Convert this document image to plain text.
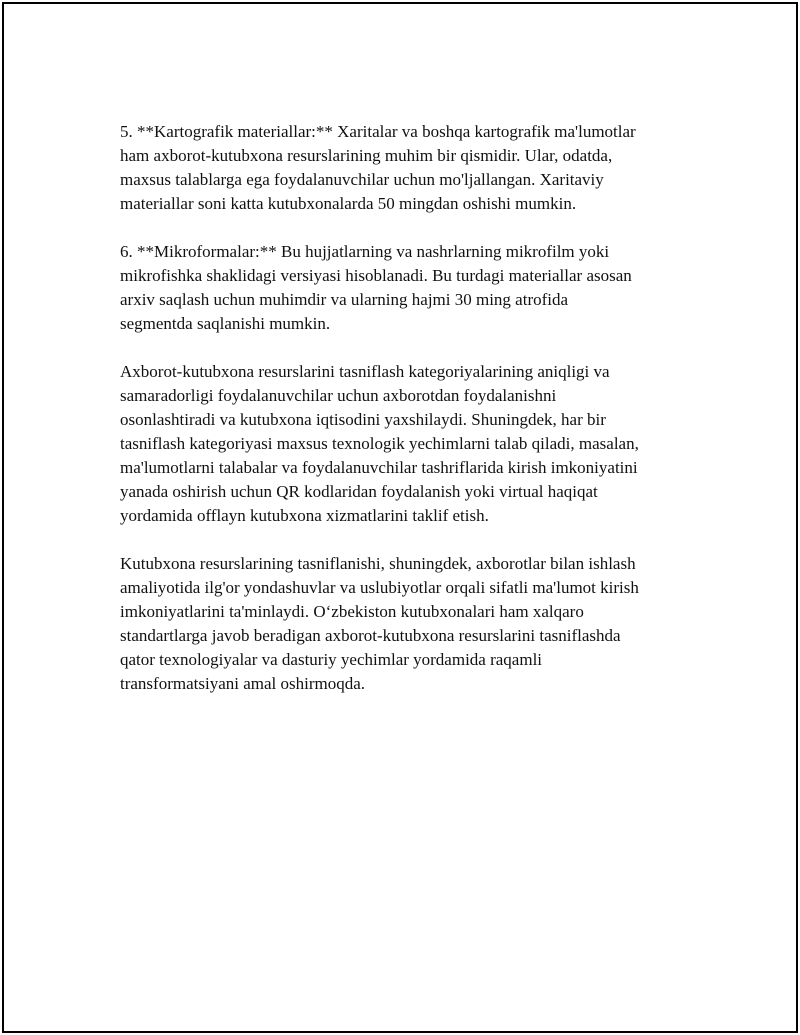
5. **Kartografik materiallar:** Xaritalar va boshqa kartografik ma'lumotlar
ham axborot-kutubxona resurslarining muhim bir qismidir. Ular, odatda,
maxsus talablarga ega foydalanuvchilar uchun mo'ljallangan. Xaritaviy
materiallar soni katta kutubxonalarda 50 mingdan oshishi mumkin.

6. **Mikroformalar:** Bu hujjatlarning va nashrlarning mikrofilm yoki
mikrofishka shaklidagi versiyasi hisoblanadi. Bu turdagi materiallar asosan
arxiv saqlash uchun muhimdir va ularning hajmi 30 ming atrofida
segmentda saqlanishi mumkin.

Axborot-kutubxona resurslarini tasniflash kategoriyalarining aniqligi va
samaradorligi foydalanuvchilar uchun axborotdan foydalanishni
osonlashtiradi va kutubxona iqtisodini yaxshilaydi. Shuningdek, har bir
tasniflash kategoriyasi maxsus texnologik yechimlarni talab qiladi, masalan,
ma'lumotlarni talabalar va foydalanuvchilar tashriflarida kirish imkoniyatini
yanada oshirish uchun QR kodlaridan foydalanish yoki virtual haqiqat
yordamida offlayn kutubxona xizmatlarini taklif etish.

Kutubxona resurslarining tasniflanishi, shuningdek, axborotlar bilan ishlash
amaliyotida ilg'or yondashuvlar va uslubiyotlar orqali sifatli ma'lumot kirish
imkoniyatlarini ta'minlaydi. O‘zbekiston kutubxonalari ham xalqaro
standartlarga javob beradigan axborot-kutubxona resurslarini tasniflashda
qator texnologiyalar va dasturiy yechimlar yordamida raqamli
transformatsiyani amal oshirmoqda.
